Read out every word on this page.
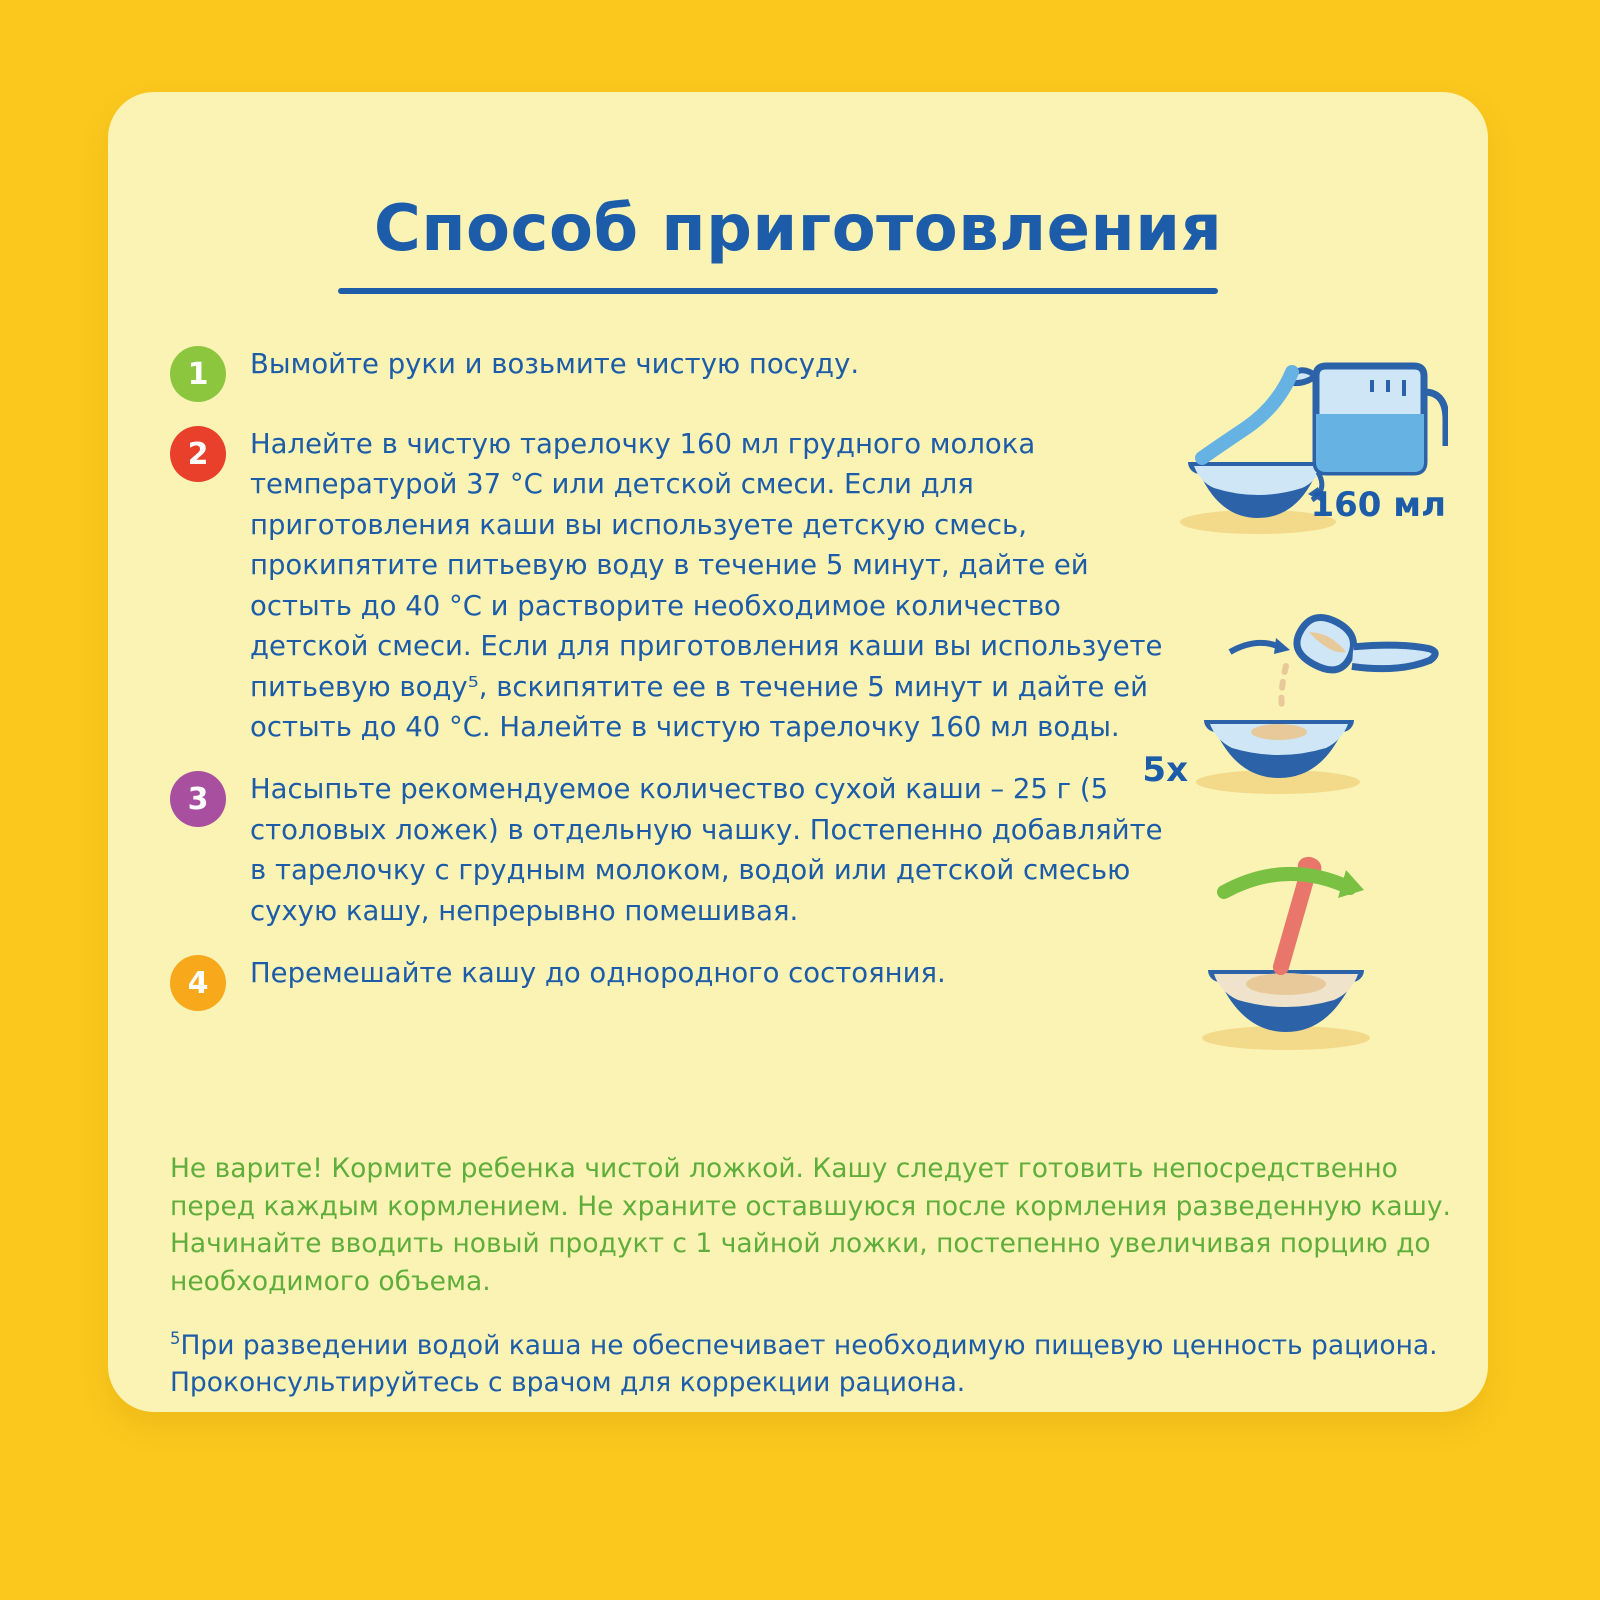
Способ приготовления
1	Вымойте руки и возьмите чистую посуду.
2	Налейте в чистую тарелочку 160 мл грудного молока температурой 37 °C или детской смеси. Если для приготовления каши вы используете детскую смесь, прокипятите питьевую воду в течение 5 минут, дайте ей остыть до 40 °C и растворите необходимое количество детской смеси. Если для приготовления каши вы используете питьевую воду⁵, вскипятите ее в течение 5 минут и дайте ей остыть до 40 °C. Налейте в чистую тарелочку 160 мл воды.
3	Насыпьте рекомендуемое количество сухой каши – 25 г (5 столовых ложек) в отдельную чашку. Постепенно добавляйте в тарелочку с грудным молоком, водой или детской смесью сухую кашу, непрерывно помешивая.
4	Перемешайте кашу до однородного состояния.
160 мл
5x
Не варите! Кормите ребенка чистой ложкой. Кашу следует готовить непосредственно перед каждым кормлением. Не храните оставшуюся после кормления разведенную кашу. Начинайте вводить новый продукт с 1 чайной ложки, постепенно увеличивая порцию до необходимого объема.
$^5$При разведении водой каша не обеспечивает необходимую пищевую ценность рациона. Проконсультируйтесь с врачом для коррекции рациона.
